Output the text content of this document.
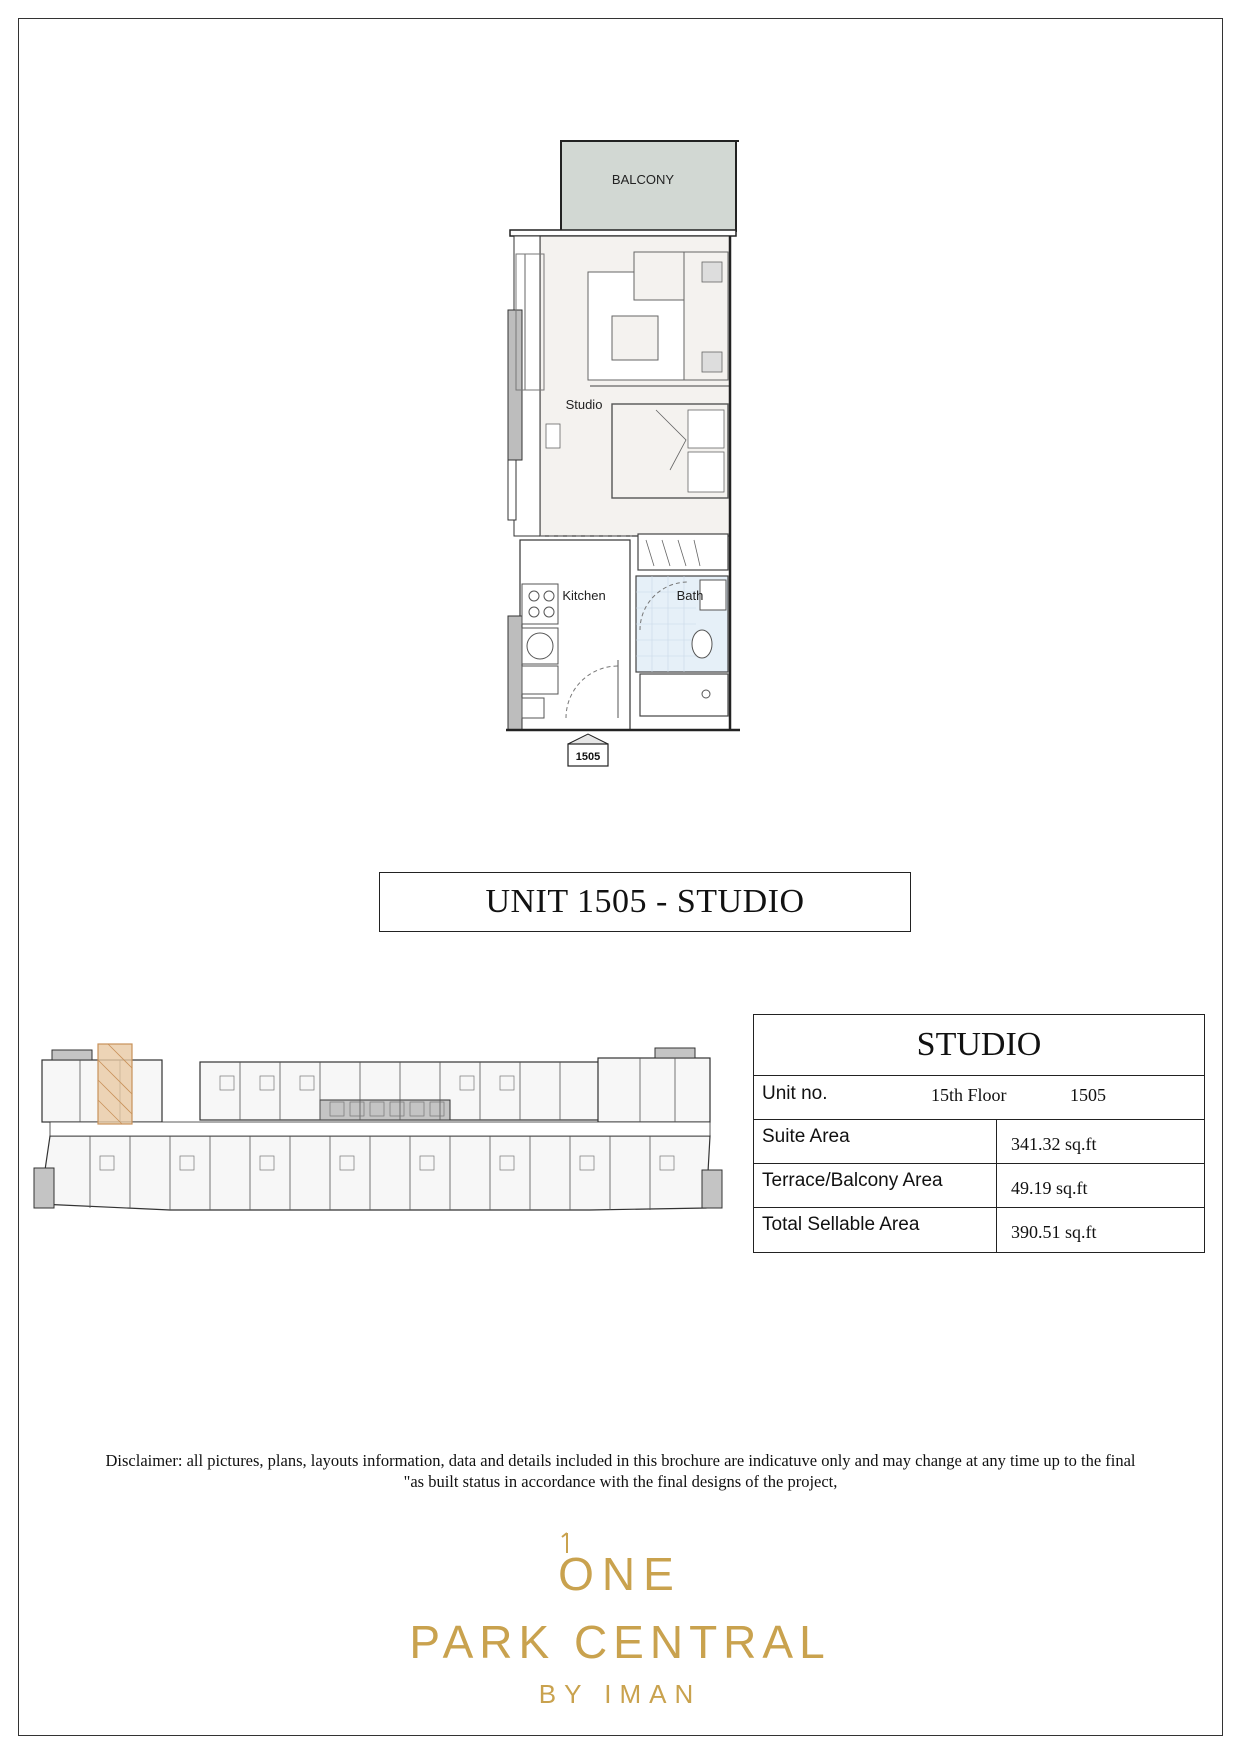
BALCONY
Studio
Kitchen	Bath
1505
UNIT 1505 - STUDIO
STUDIO
Unit no.	15th Floor	1505
Suite Area	341.32 sq.ft
Terrace/Balcony Area	49.19 sq.ft
Total Sellable Area	390.51 sq.ft
Disclaimer: all pictures, plans, layouts information, data and details included in this brochure are indicatuve only and may change at any time up to the final
"as built status in accordance with the final designs of the project,
ONE
PARK CENTRAL
BY IMAN
